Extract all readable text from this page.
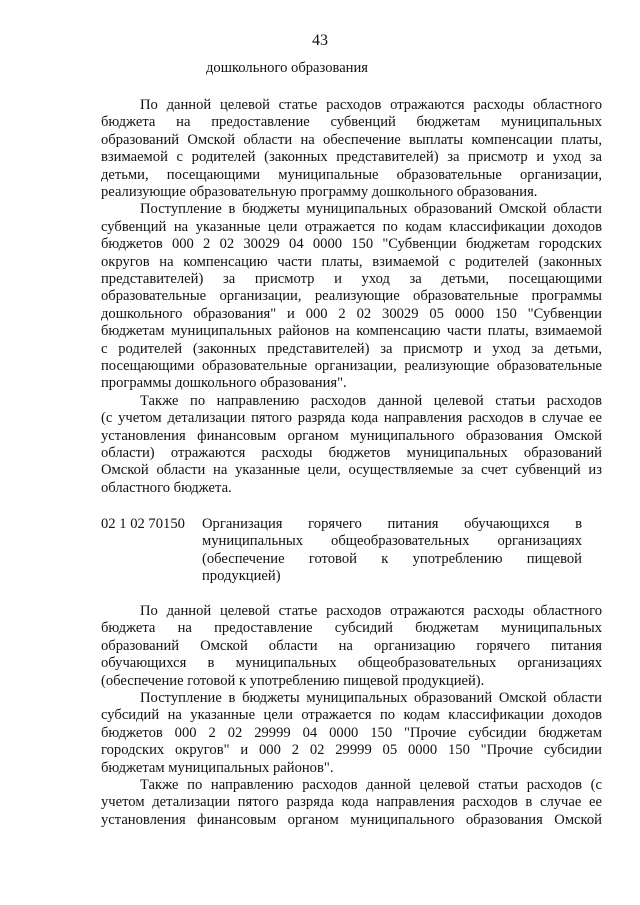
43
дошкольного образования
По данной целевой статье расходов отражаются расходы областного
бюджета на предоставление субвенций бюджетам муниципальных
образований Омской области на обеспечение выплаты компенсации платы,
взимаемой с родителей (законных представителей) за присмотр и уход за
детьми, посещающими муниципальные образовательные организации,
реализующие образовательную программу дошкольного образования.
Поступление в бюджеты муниципальных образований Омской области
субвенций на указанные цели отражается по кодам классификации доходов
бюджетов 000 2 02 30029 04 0000 150 "Субвенции бюджетам городских
округов на компенсацию части платы, взимаемой с родителей (законных
представителей) за присмотр и уход за детьми, посещающими
образовательные организации, реализующие образовательные программы
дошкольного образования" и 000 2 02 30029 05 0000 150 "Субвенции
бюджетам муниципальных районов на компенсацию части платы, взимаемой
с родителей (законных представителей) за присмотр и уход за детьми,
посещающими образовательные организации, реализующие образовательные
программы дошкольного образования".
Также по направлению расходов данной целевой статьи расходов
(с учетом детализации пятого разряда кода направления расходов в случае ее
установления финансовым органом муниципального образования Омской
области) отражаются расходы бюджетов муниципальных образований
Омской области на указанные цели, осуществляемые за счет субвенций из
областного бюджета.
02 1 02 70150 Организация горячего питания обучающихся в
муниципальных общеобразовательных организациях
(обеспечение готовой к употреблению пищевой
продукцией)
По данной целевой статье расходов отражаются расходы областного
бюджета на предоставление субсидий бюджетам муниципальных
образований Омской области на организацию горячего питания
обучающихся в муниципальных общеобразовательных организациях
(обеспечение готовой к употреблению пищевой продукцией).
Поступление в бюджеты муниципальных образований Омской области
субсидий на указанные цели отражается по кодам классификации доходов
бюджетов 000 2 02 29999 04 0000 150 "Прочие субсидии бюджетам
городских округов" и 000 2 02 29999 05 0000 150 "Прочие субсидии
бюджетам муниципальных районов".
Также по направлению расходов данной целевой статьи расходов (с
учетом детализации пятого разряда кода направления расходов в случае ее
установления финансовым органом муниципального образования Омской
